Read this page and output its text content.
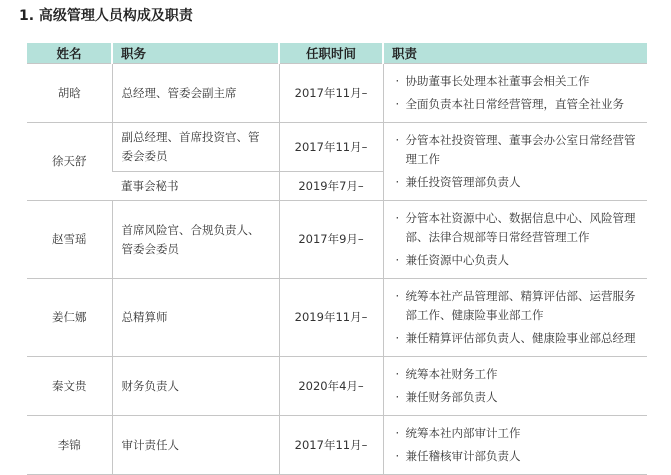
1. 高级管理人员构成及职责
姓名	职务	任职时间	职责
胡晗	总经理、管委会副主席	2017年11月–	· 协助董事长处理本社董事会相关工作
· 全面负责本社日常经营管理，直管全社业务

徐天舒	副总经理、首席投资官、管委会委员	2017年11月–	· 分管本社投资管理、董事会办公室日常经营管理工作
· 兼任投资管理部负责人

	董事会秘书	2019年7月–	
赵雪瑶	首席风险官、合规负责人、管委会委员	2017年9月–	· 分管本社资源中心、数据信息中心、风险管理部、法律合规部等日常经营管理工作
· 兼任资源中心负责人

姜仁娜	总精算师	2019年11月–	· 统筹本社产品管理部、精算评估部、运营服务部工作、健康险事业部工作
· 兼任精算评估部负责人、健康险事业部总经理

秦文贵	财务负责人	2020年4月–	· 统筹本社财务工作
· 兼任财务部负责人

李锦	审计责任人	2017年11月–	· 统筹本社内部审计工作
· 兼任稽核审计部负责人
